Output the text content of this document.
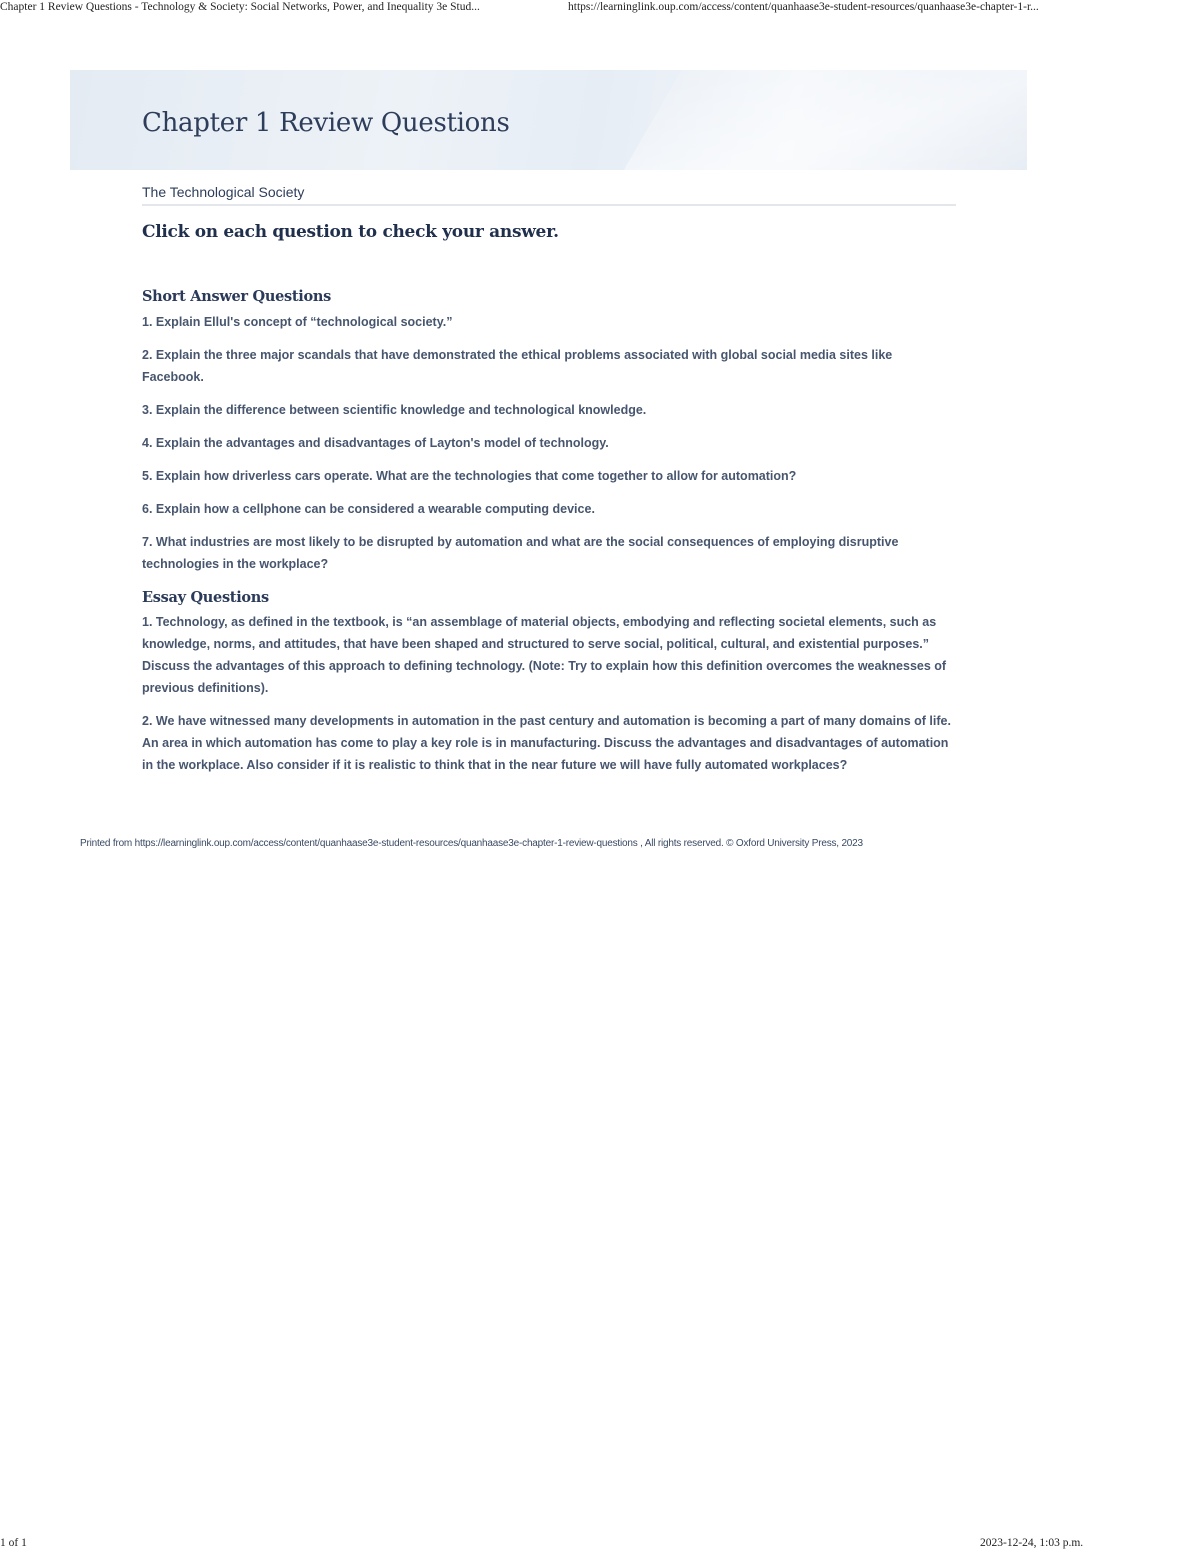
Chapter 1 Review Questions - Technology & Society: Social Networks, Power, and Inequality 3e Stud...	https://learninglink.oup.com/access/content/quanhaase3e-student-resources/quanhaase3e-chapter-1-r...
Chapter 1 Review Questions
The Technological Society
Click on each question to check your answer.
Short Answer Questions
1. Explain Ellul's concept of “technological society.”
2. Explain the three major scandals that have demonstrated the ethical problems associated with global social media sites like Facebook.
3. Explain the difference between scientific knowledge and technological knowledge.
4. Explain the advantages and disadvantages of Layton's model of technology.
5. Explain how driverless cars operate. What are the technologies that come together to allow for automation?
6. Explain how a cellphone can be considered a wearable computing device.
7. What industries are most likely to be disrupted by automation and what are the social consequences of employing disruptive technologies in the workplace?
Essay Questions
1. Technology, as defined in the textbook, is “an assemblage of material objects, embodying and reflecting societal elements, such as knowledge, norms, and attitudes, that have been shaped and structured to serve social, political, cultural, and existential purposes.” Discuss the advantages of this approach to defining technology. (Note: Try to explain how this definition overcomes the weaknesses of previous definitions).
2. We have witnessed many developments in automation in the past century and automation is becoming a part of many domains of life. An area in which automation has come to play a key role is in manufacturing. Discuss the advantages and disadvantages of automation in the workplace. Also consider if it is realistic to think that in the near future we will have fully automated workplaces?
Printed from https://learninglink.oup.com/access/content/quanhaase3e-student-resources/quanhaase3e-chapter-1-review-questions , All rights reserved. © Oxford University Press, 2023
1 of 1	2023-12-24, 1:03 p.m.
